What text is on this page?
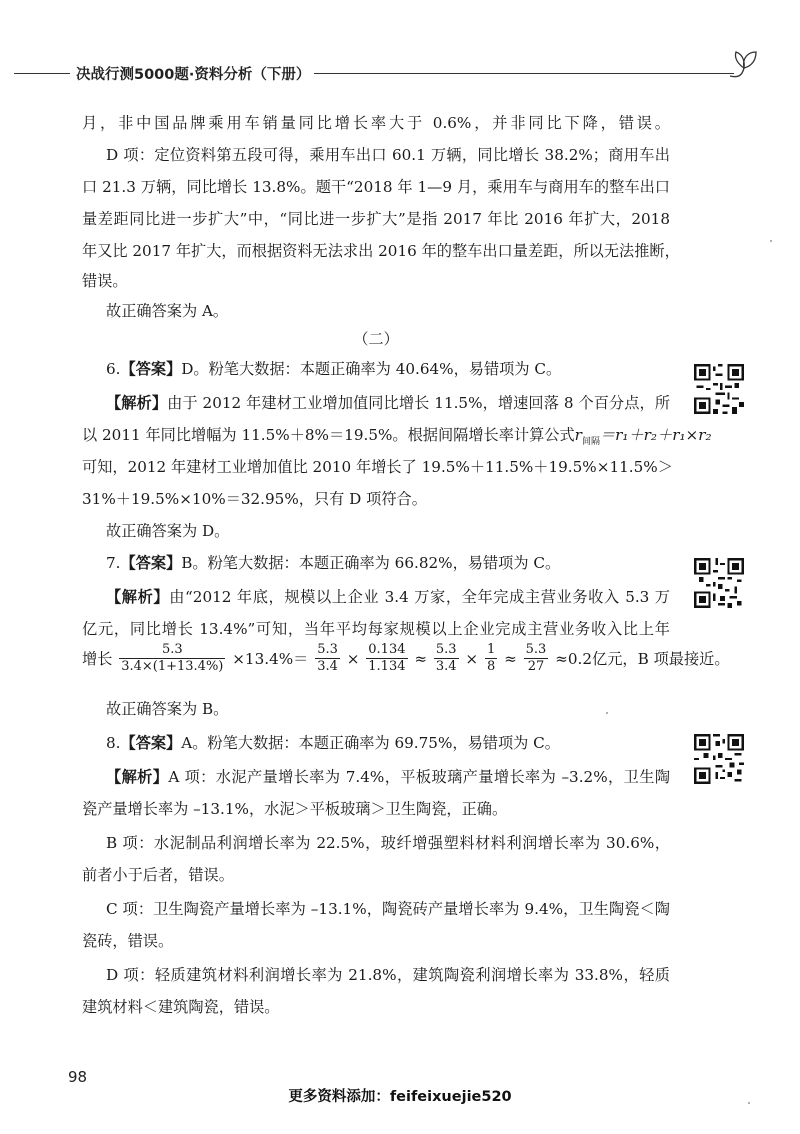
决战行测5000题·资料分析（下册）
月，非中国品牌乘用车销量同比增长率大于 0.6%，并非同比下降，错误。
D 项：定位资料第五段可得，乘用车出口 60.1 万辆，同比增长 38.2%；商用车出
口 21.3 万辆，同比增长 13.8%。题干“2018 年 1—9 月，乘用车与商用车的整车出口
量差距同比进一步扩大”中，“同比进一步扩大”是指 2017 年比 2016 年扩大，2018
年又比 2017 年扩大，而根据资料无法求出 2016 年的整车出口量差距，所以无法推断，
错误。
故正确答案为 A。
（二）
6.【答案】D。粉笔大数据：本题正确率为 40.64%，易错项为 C。
【解析】由于 2012 年建材工业增加值同比增长 11.5%，增速回落 8 个百分点，所
以 2011 年同比增幅为 11.5%＋8%＝19.5%。根据间隔增长率计算公式$r_{间隔}=r_1+r_2+r_1\times r_2$
可知，2012 年建材工业增加值比 2010 年增长了 19.5%＋11.5%＋19.5%×11.5%＞
31%＋19.5%×10%＝32.95%，只有 D 项符合。
故正确答案为 D。
7.【答案】B。粉笔大数据：本题正确率为 66.82%，易错项为 C。
【解析】由“2012 年底，规模以上企业 3.4 万家，全年完成主营业务收入 5.3 万
亿元，同比增长 13.4%”可知，当年平均每家规模以上企业完成主营业务收入比上年
增长 $\frac{5.3}{3.4\times(1+13.4\%)} \times 13.4\%= \frac{5.3}{3.4} \times \frac{0.134}{1.134} \approx \frac{5.3}{3.4} \times \frac{1}{8} \approx \frac{5.3}{27} \approx 0.2$亿元，B 项最接近。
故正确答案为 B。
8.【答案】A。粉笔大数据：本题正确率为 69.75%，易错项为 C。
【解析】A 项：水泥产量增长率为 7.4%，平板玻璃产量增长率为 –3.2%，卫生陶
瓷产量增长率为 –13.1%，水泥＞平板玻璃＞卫生陶瓷，正确。
B 项：水泥制品利润增长率为 22.5%，玻纤增强塑料材料利润增长率为 30.6%，
前者小于后者，错误。
C 项：卫生陶瓷产量增长率为 –13.1%，陶瓷砖产量增长率为 9.4%，卫生陶瓷＜陶
瓷砖，错误。
D 项：轻质建筑材料利润增长率为 21.8%，建筑陶瓷利润增长率为 33.8%，轻质
建筑材料＜建筑陶瓷，错误。
98
更多资料添加：feifeixuejie520
